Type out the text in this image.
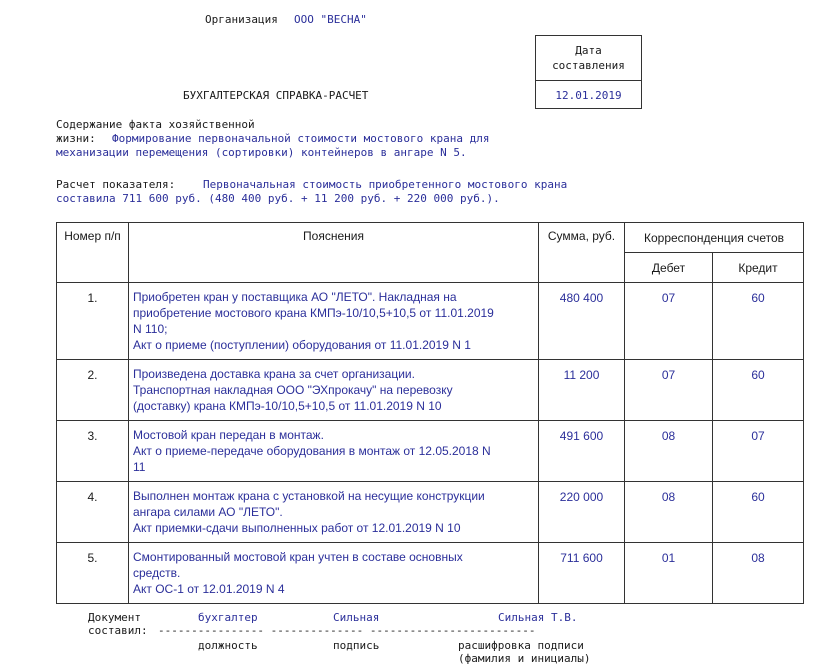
Организация ООО "ВЕСНА"
Дата
составления
12.01.2019
БУХГАЛТЕРСКАЯ СПРАВКА-РАСЧЕТ
Содержание факта хозяйственной
жизни: Формирование первоначальной стоимости мостового крана для
механизации перемещения (сортировки) контейнеров в ангаре N 5.
Расчет показателя:	Первоначальная стоимость приобретенного мостового крана
составила 711 600 руб. (480 400 руб. + 11 200 руб. + 220 000 руб.).
Номер п/п	Пояснения	Сумма, руб.	Корреспонденция счетов	
			Дебет	Кредит
1.	Приобретен кран у поставщика АО "ЛЕТО". Накладная на
приобретение мостового крана КМПэ-10/10,5+10,5 от 11.01.2019
N 110;
Акт о приеме (поступлении) оборудования от 11.01.2019 N 1	480 400	07	60
2.	Произведена доставка крана за счет организации.
Транспортная накладная ООО "ЭХпрокачу" на перевозку
(доставку) крана КМПэ-10/10,5+10,5 от 11.01.2019 N 10	11 200	07	60
3.	Мостовой кран передан в монтаж.
Акт о приеме-передаче оборудования в монтаж от 12.05.2018 N
11	491 600	08	07
4.	Выполнен монтаж крана с установкой на несущие конструкции
ангара силами АО "ЛЕТО".
Акт приемки-сдачи выполненных работ от 12.01.2019 N 10	220 000	08	60
5.	Смонтированный мостовой кран учтен в составе основных
средств.
Акт ОС-1 от 12.01.2019 N 4	711 600	01	08
Документ
составил:
бухгалтер	Сильная	Сильная Т.В.
---------------- -------------- -------------------------
должность	подпись	расшифровка подписи
(фамилия и инициалы)
